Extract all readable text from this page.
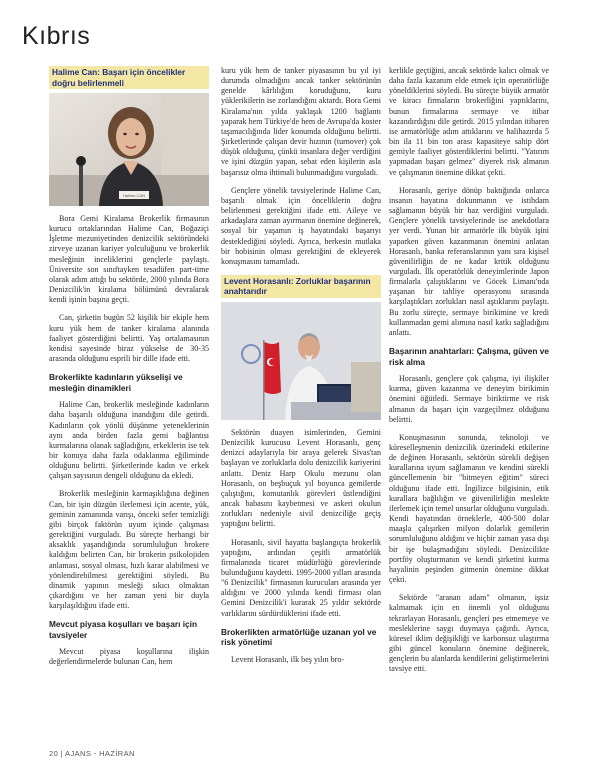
Kıbrıs
Halime Can: Başarı için öncelikler doğru belirlenmeli
Halime CAN

Bora Gemi Kiralama Brokerlik firmasının kurucu ortaklarından Halime Can, Boğaziçi İşletme mezuniyetinden denizcilik sektöründeki zirveye uzanan kariyer yolculuğunu ve brokerlik mesleğinin inceliklerini gençlerle paylaştı. Üniversite son sınıftayken tesadüfen part-time olarak adım attığı bu sektörde, 2000 yılında Bora Denizcilik'in kiralama bölümünü devralarak kendi işinin başına geçti.

Can, şirketin bugün 52 kişilik bir ekiple hem kuru yük hem de tanker kiralama alanında faaliyet gösterdiğini belirtti. Yaş ortalamasının kendisi sayesinde biraz yükselse de 30-35 arasında olduğunu esprili bir dille ifade etti.

Brokerlikte kadınların yükselişi ve mesleğin dinamikleri

Halime Can, brokerlik mesleğinde kadınların daha başarılı olduğuna inandığını dile getirdi. Kadınların çok yönlü düşünme yeteneklerinin aynı anda birden fazla gemi bağlantısı kurmalarına olanak sağladığını, erkeklerin ise tek bir konuya daha fazla odaklanma eğiliminde olduğunu belirtti. Şirketlerinde kadın ve erkek çalışan sayısının dengeli olduğunu da ekledi.

Brokerlik mesleğinin karmaşıklığına değinen Can, bir işin düzgün ilerlemesi için acente, yük, geminin zamanında varışı, önceki sefer temizliği gibi birçok faktörün uyum içinde çalışması gerektiğini vurguladı. Bu süreçte herhangi bir aksaklık yaşandığında sorumluluğun brokere kaldığını belirten Can, bir brokerin psikolojiden anlaması, sosyal olması, hızlı karar alabilmesi ve yönlendirebilmesi gerektiğini söyledi. Bu dinamik yapının mesleği sıkıcı olmaktan çıkardığını ve her zaman yeni bir duyla karşılaşıldığını ifade etti.

Mevcut piyasa koşulları ve başarı için tavsiyeler

Mevcut piyasa koşullarına ilişkin değerlendirmelerde bulunan Can, hem

kuru yük hem de tanker piyasasının bu yıl iyi durumda olmadığını ancak tanker sektörünün genelde kârlılığını koruduğunu, kuru yüklerikilerin ise zorlandığını aktardı. Bora Gemi Kiralama'nın yılda yaklaşık 1200 bağlantı yaparak hem Türkiye'de hem de Avrupa'da koster taşımacılığında lider konumda olduğunu belirtti. Şirketlerinde çalışan devir hızının (turnover) çok düşük olduğunu, çünkü insanlara değer verdiğini ve işini düzgün yapan, sebat eden kişilerin asla başarısız olma ihtimali bulunmadığını vurguladı.

Gençlere yönelik tavsiyelerinde Halime Can, başarılı olmak için önceliklerin doğru belirlenmesi gerektiğini ifade etti. Aileye ve arkadaşlara zaman ayırmanın önemine değinerek, sosyal bir yaşamın iş hayatındaki başarıyı desteklediğini söyledi. Ayrıca, herkesin mutlaka bir hobisinin olması gerektiğini de ekleyerek konuşmasını tamamladı.

Levent Horasanlı: Zorluklar başarının anahtarıdır

Sektörün duayen isimlerinden, Gemini Denizcilik kurucusu Levent Horasanlı, genç denizci adaylarıyla bir araya gelerek Sivas'tan başlayan ve zorluklarla dolu denizcilik kariyerini anlattı. Deniz Harp Okulu mezunu olan Horasanlı, on beşbuçuk yıl boyunca gemilerde çalıştığını, komutanlık görevleri üstlendiğini ancak babasını kaybetmesi ve askeri okulun zorlukları nedeniyle sivil denizciliğe geçiş yaptığını belirtti.

Horasanlı, sivil hayatta başlangıçta brokerlik yaptığını, ardından çeşitli armatörlük firmalarında ticaret müdürlüğü görevlerinde bulunduğunu kaydetti. 1995-2000 yılları arasında "6 Denizcilik" firmasının kurucuları arasında yer aldığını ve 2000 yılında kendi firması olan Gemini Denizcilik'i kurarak 25 yıldır sektörde varlıklarını sürdürdüklerini ifade etti.

Brokerlikten armatörlüğe uzanan yol ve risk yönetimi

Levent Horasanlı, ilk beş yılın bro-

kerlikle geçtiğini, ancak sektörde kalıcı olmak ve daha fazla kazanım elde etmek için operatörlüğe yöneldiklerini söyledi. Bu süreçte büyük armatör ve kiracı firmaların brokerliğini yaptıklarını, bunun firmalarına sermaye ve itibar kazandırdığını dile getirdi. 2015 yılından itibaren ise armatörlüğe adım attıklarını ve halihazırda 5 bin ila 11 bin ton arası kapasiteye sahip dört gemiyle faaliyet gösterdiklerini belirtti. "Yatırım yapmadan başarı gelmez" diyerek risk almanın ve çalışmanın önemine dikkat çekti.

Horasanlı, geriye dönüp baktığında onlarca insanın hayatına dokunmanın ve istihdam sağlamanın büyük bir haz verdiğini vurguladı. Gençlere yönelik tavsiyelerinde ise anekdotlara yer verdi. Yunan bir armatörle ilk büyük işini yaparken güven kazanmanın önemini anlatan Horasanlı, banka referanslarının yanı sıra kişisel güvenilirliğin de ne kadar kritik olduğunu vurguladı. İlk operatörlük deneyimlerinde Japon firmalarla çalıştıklarını ve Göcek Limanı'nda yaşanan bir tahliye operasyonu sırasında karşılaştıkları zorlukları nasıl aştıklarını paylaştı. Bu zorlu süreçte, sermaye birikimine ve kredi kullanmadan gemi alımına nasıl katkı sağladığını anlattı.

Başarının anahtarları: Çalışma, güven ve risk alma

Horasanlı, gençlere çok çalışma, iyi ilişkiler kurma, güven kazanma ve deneyim birikimin önemini öğütledi. Sermaye biriktirme ve risk almanın da başarı için vazgeçilmez olduğunu belirtti.

Konuşmasının sonunda, teknoloji ve küreselleşmenin denizcilik üzerindeki etkilerine de değinen Horasanlı, sektörün sürekli değişen kurallarına uyum sağlamanın ve kendini sürekli güncellemenin bir "bitmeyen eğitim" süreci olduğunu ifade etti. İngilizce bilgisinin, etik kurallara bağlılığın ve güvenilirliğin meslekte ilerlemek için temel unsurlar olduğunu vurguladı. Kendi hayatından örneklerle, 400-500 dolar maaşla çalışırken milyon dolarlık gemilerin sorumluluğunu aldığını ve hiçbir zaman yasa dışı bir işe bulaşmadığını söyledi. Denizcilikte portföy oluşturmanın ve kendi şirketini kurma hayalinin peşinden gitmenin önemine dikkat çekti.

Sektörde "aranan adam" olmanın, işsiz kalmamak için en önemli yol olduğunu tekrarlayan Horasanlı, gençleri pes etmemeye ve mesleklerine saygı duymaya çağırdı. Ayrıca, küresel iklim değişikliği ve karbonsuz ulaştırma gibi güncel konuların önemine değinerek, gençlerin bu alanlarda kendilerini geliştirmelerini tavsiye etti.

20 | AJANS - HAZİRAN
